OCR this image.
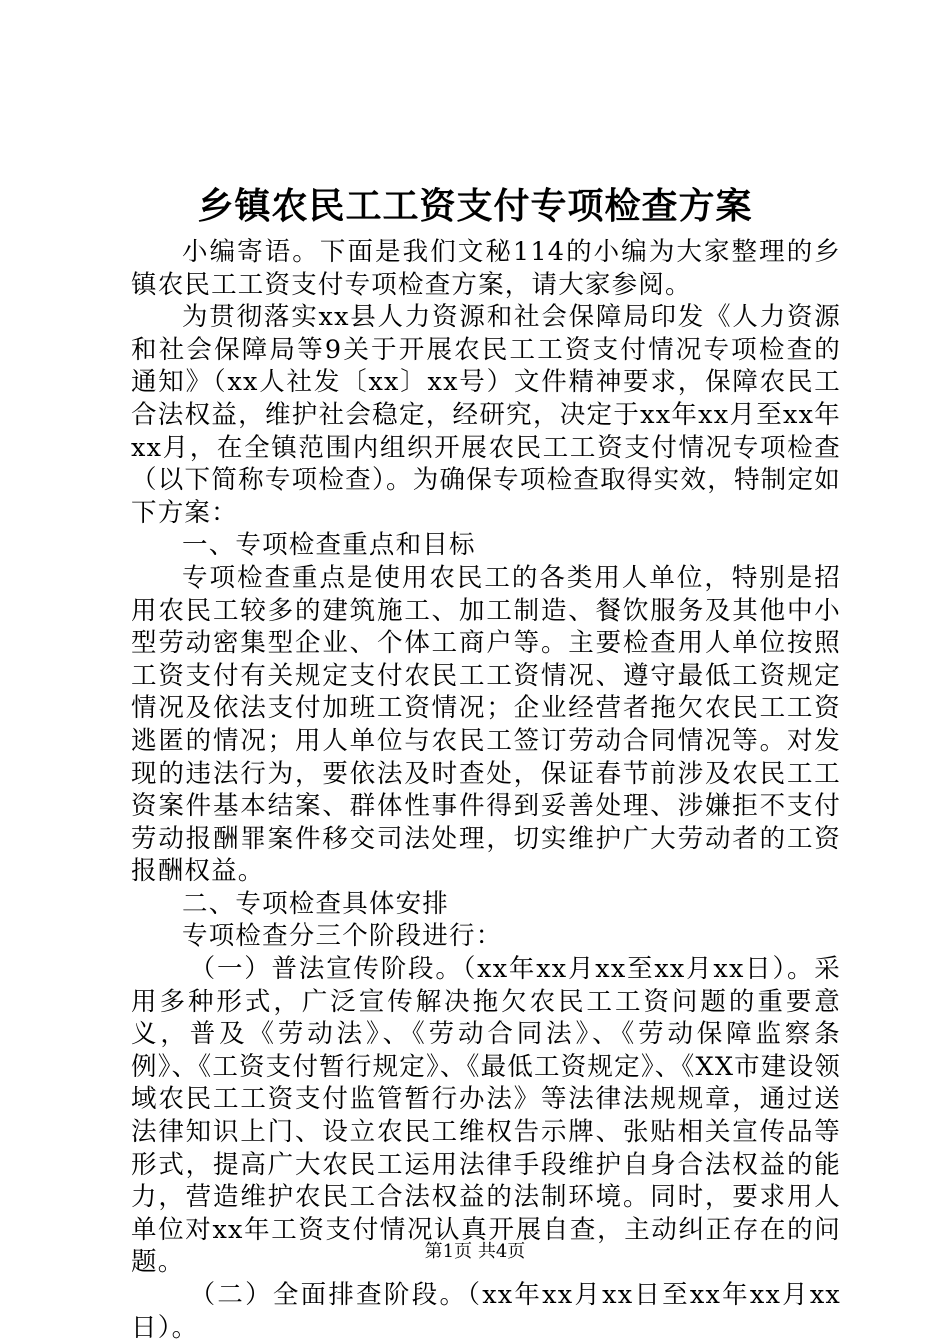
乡镇农民工工资支付专项检查方案

小编寄语。下面是我们文秘114的小编为大家整理的乡镇农民工工资支付专项检查方案，请大家参阅。

为贯彻落实xx县人力资源和社会保障局印发《人力资源和社会保障局等9关于开展农民工工资支付情况专项检查的通知》（xx人社发〔xx〕xx号）文件精神要求，保障农民工合法权益，维护社会稳定，经研究，决定于xx年xx月至xx年xx月，在全镇范围内组织开展农民工工资支付情况专项检查（以下简称专项检查）。为确保专项检查取得实效，特制定如下方案：

一、专项检查重点和目标

专项检查重点是使用农民工的各类用人单位，特别是招用农民工较多的建筑施工、加工制造、餐饮服务及其他中小型劳动密集型企业、个体工商户等。主要检查用人单位按照工资支付有关规定支付农民工工资情况、遵守最低工资规定情况及依法支付加班工资情况；企业经营者拖欠农民工工资逃匿的情况；用人单位与农民工签订劳动合同情况等。对发现的违法行为，要依法及时查处，保证春节前涉及农民工工资案件基本结案、群体性事件得到妥善处理、涉嫌拒不支付劳动报酬罪案件移交司法处理，切实维护广大劳动者的工资报酬权益。

二、专项检查具体安排

专项检查分三个阶段进行：

（一）普法宣传阶段。（xx年xx月xx至xx月xx日）。采用多种形式，广泛宣传解决拖欠农民工工资问题的重要意义，普及《劳动法》、《劳动合同法》、《劳动保障监察条例》、《工资支付暂行规定》、《最低工资规定》、《XX市建设领域农民工工资支付监管暂行办法》等法律法规规章，通过送法律知识上门、设立农民工维权告示牌、张贴相关宣传品等形式，提高广大农民工运用法律手段维护自身合法权益的能力，营造维护农民工合法权益的法制环境。同时，要求用人单位对xx年工资支付情况认真开展自查，主动纠正存在的问题。

（二）全面排查阶段。（xx年xx月xx日至xx年xx月xx日）。

第1页 共4页
